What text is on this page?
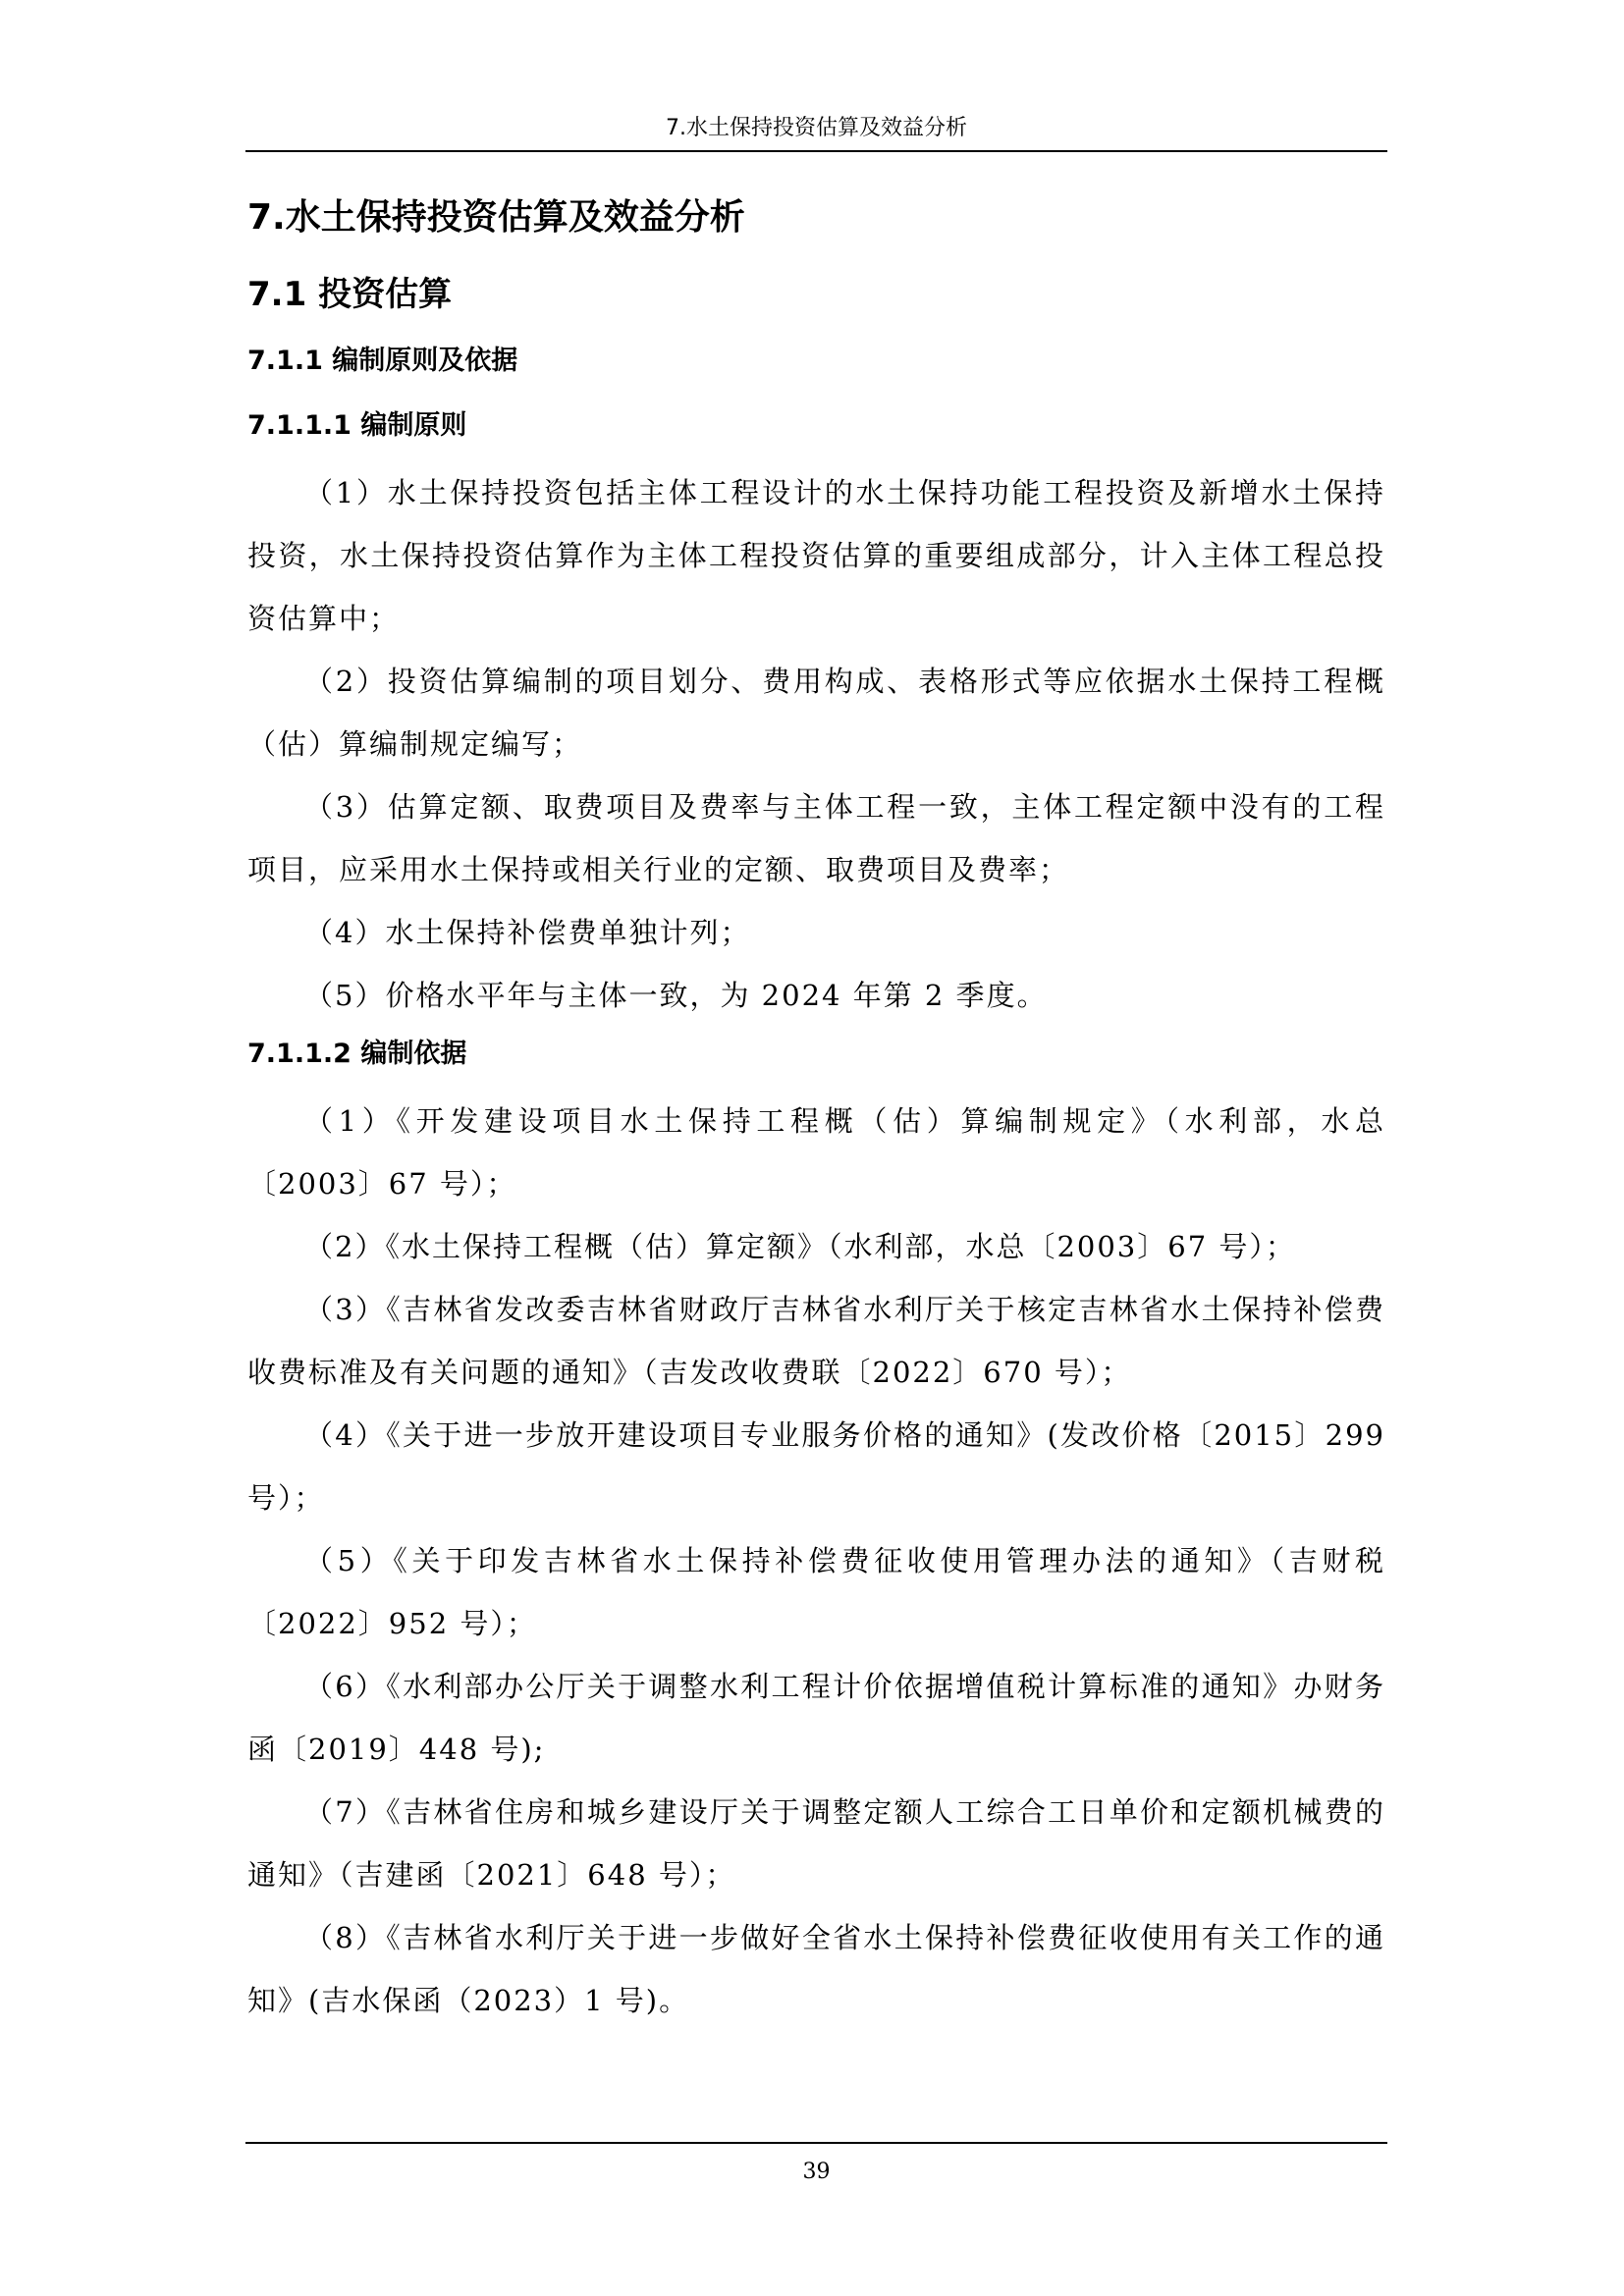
7.水土保持投资估算及效益分析
7.水土保持投资估算及效益分析
7.1 投资估算
7.1.1 编制原则及依据
7.1.1.1 编制原则

（1）水土保持投资包括主体工程设计的水土保持功能工程投资及新增水土保持投资，水土保持投资估算作为主体工程投资估算的重要组成部分，计入主体工程总投资估算中；

（2）投资估算编制的项目划分、费用构成、表格形式等应依据水土保持工程概（估）算编制规定编写；

（3）估算定额、取费项目及费率与主体工程一致，主体工程定额中没有的工程项目，应采用水土保持或相关行业的定额、取费项目及费率；

（4）水土保持补偿费单独计列；

（5）价格水平年与主体一致，为 2024 年第 2 季度。

7.1.1.2 编制依据

（1）《开发建设项目水土保持工程概（估）算编制规定》（水利部，水总〔2003〕67 号）；

（2）《水土保持工程概（估）算定额》（水利部，水总〔2003〕67 号）；

（3）《吉林省发改委吉林省财政厅吉林省水利厅关于核定吉林省水土保持补偿费收费标准及有关问题的通知》（吉发改收费联〔2022〕670 号）；

（4）《关于进一步放开建设项目专业服务价格的通知》(发改价格〔2015〕299 号）；

（5）《关于印发吉林省水土保持补偿费征收使用管理办法的通知》（吉财税〔2022〕952 号）；

（6）《水利部办公厅关于调整水利工程计价依据增值税计算标准的通知》办财务函〔2019〕448 号);

（7）《吉林省住房和城乡建设厅关于调整定额人工综合工日单价和定额机械费的通知》（吉建函〔2021〕648 号）；

（8）《吉林省水利厅关于进一步做好全省水土保持补偿费征收使用有关工作的通知》(吉水保函（2023）1 号)。

39
